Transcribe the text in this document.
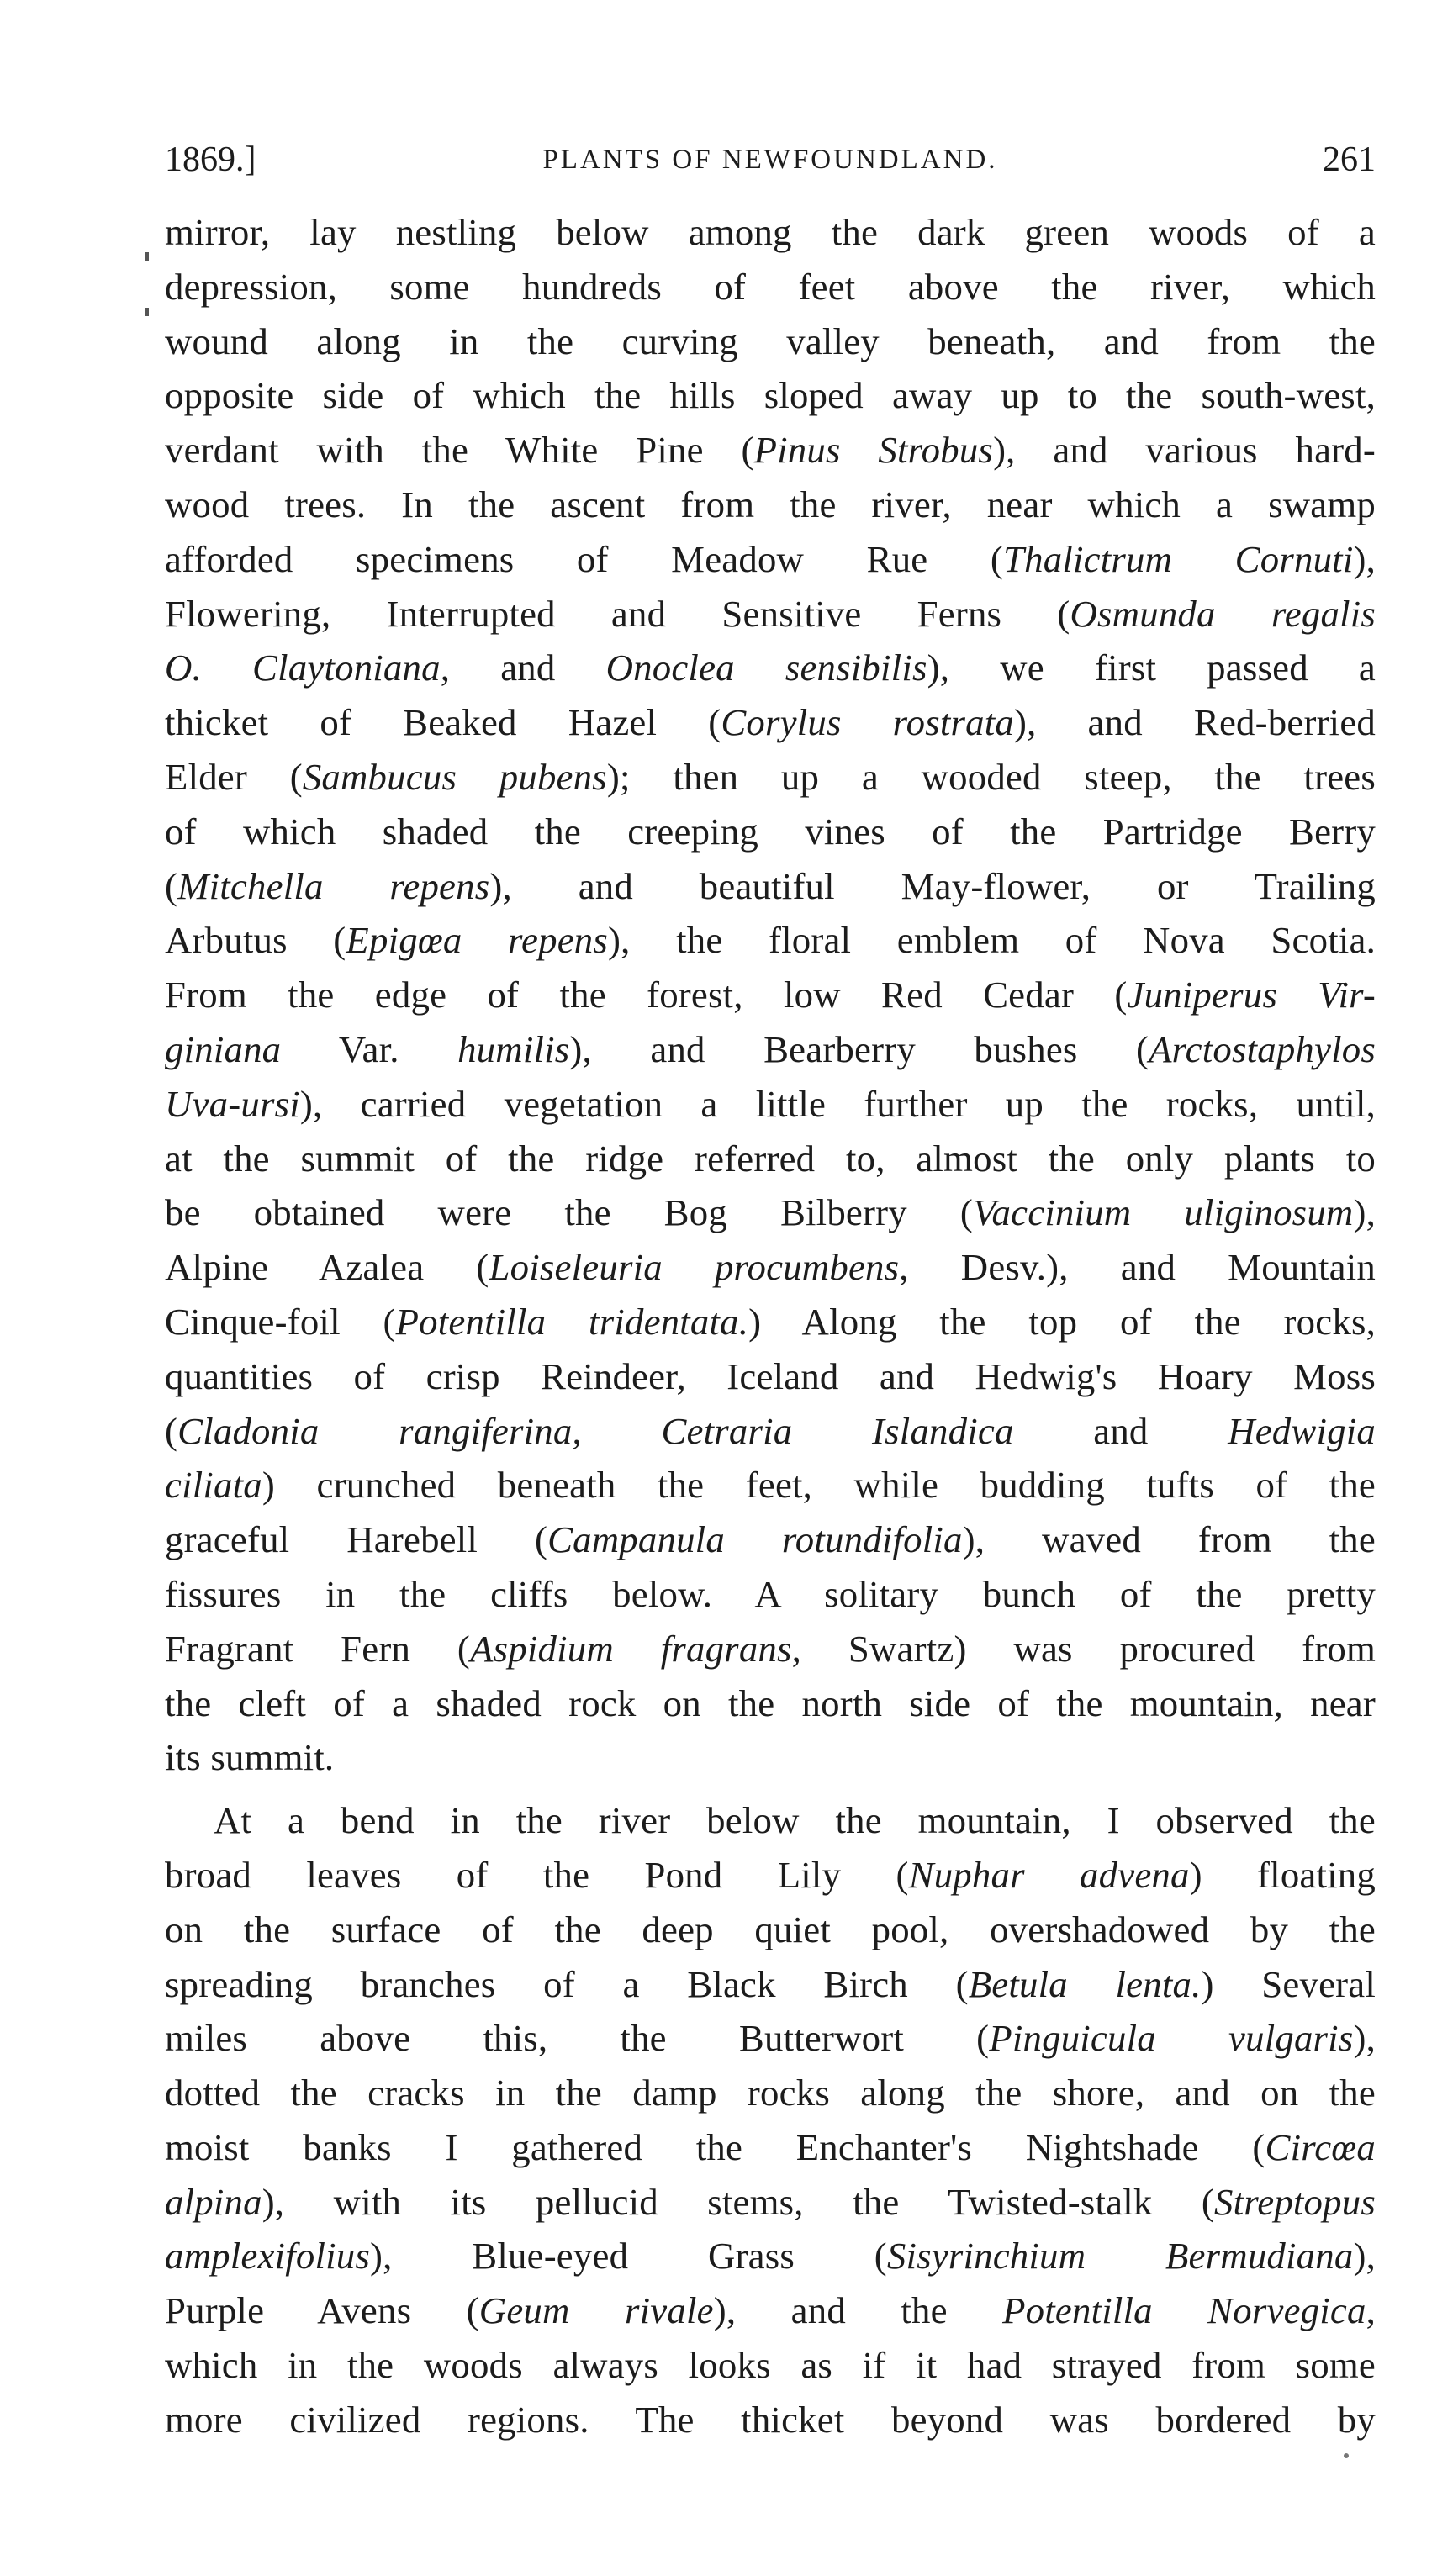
1869.]	PLANTS OF NEWFOUNDLAND.	261
mirror, lay nestling below among the dark green woods of a
depression, some hundreds of feet above the river, which
wound along in the curving valley beneath, and from the
opposite side of which the hills sloped away up to the south-west,
verdant with the White Pine (Pinus Strobus), and various hard-
wood trees. In the ascent from the river, near which a swamp
afforded specimens of Meadow Rue (Thalictrum Cornuti),
Flowering, Interrupted and Sensitive Ferns (Osmunda regalis
O. Claytoniana, and Onoclea sensibilis), we first passed a
thicket of Beaked Hazel (Corylus rostrata), and Red-berried
Elder (Sambucus pubens); then up a wooded steep, the trees
of which shaded the creeping vines of the Partridge Berry
(Mitchella repens), and beautiful May-flower, or Trailing
Arbutus (Epigœa repens), the floral emblem of Nova Scotia.
From the edge of the forest, low Red Cedar (Juniperus Vir-
giniana Var. humilis), and Bearberry bushes (Arctostaphylos
Uva-ursi), carried vegetation a little further up the rocks, until,
at the summit of the ridge referred to, almost the only plants to
be obtained were the Bog Bilberry (Vaccinium uliginosum),
Alpine Azalea (Loiseleuria procumbens, Desv.), and Mountain
Cinque-foil (Potentilla tridentata.) Along the top of the rocks,
quantities of crisp Reindeer, Iceland and Hedwig's Hoary Moss
(Cladonia rangiferina, Cetraria Islandica and Hedwigia
ciliata) crunched beneath the feet, while budding tufts of the
graceful Harebell (Campanula rotundifolia), waved from the
fissures in the cliffs below. A solitary bunch of the pretty
Fragrant Fern (Aspidium fragrans, Swartz) was procured from
the cleft of a shaded rock on the north side of the mountain, near
its summit.
At a bend in the river below the mountain, I observed the
broad leaves of the Pond Lily (Nuphar advena) floating
on the surface of the deep quiet pool, overshadowed by the
spreading branches of a Black Birch (Betula lenta.) Several
miles above this, the Butterwort (Pinguicula vulgaris),
dotted the cracks in the damp rocks along the shore, and on the
moist banks I gathered the Enchanter's Nightshade (Circœa
alpina), with its pellucid stems, the Twisted-stalk (Streptopus
amplexifolius), Blue-eyed Grass (Sisyrinchium Bermudiana),
Purple Avens (Geum rivale), and the Potentilla Norvegica,
which in the woods always looks as if it had strayed from some
more civilized regions. The thicket beyond was bordered by
